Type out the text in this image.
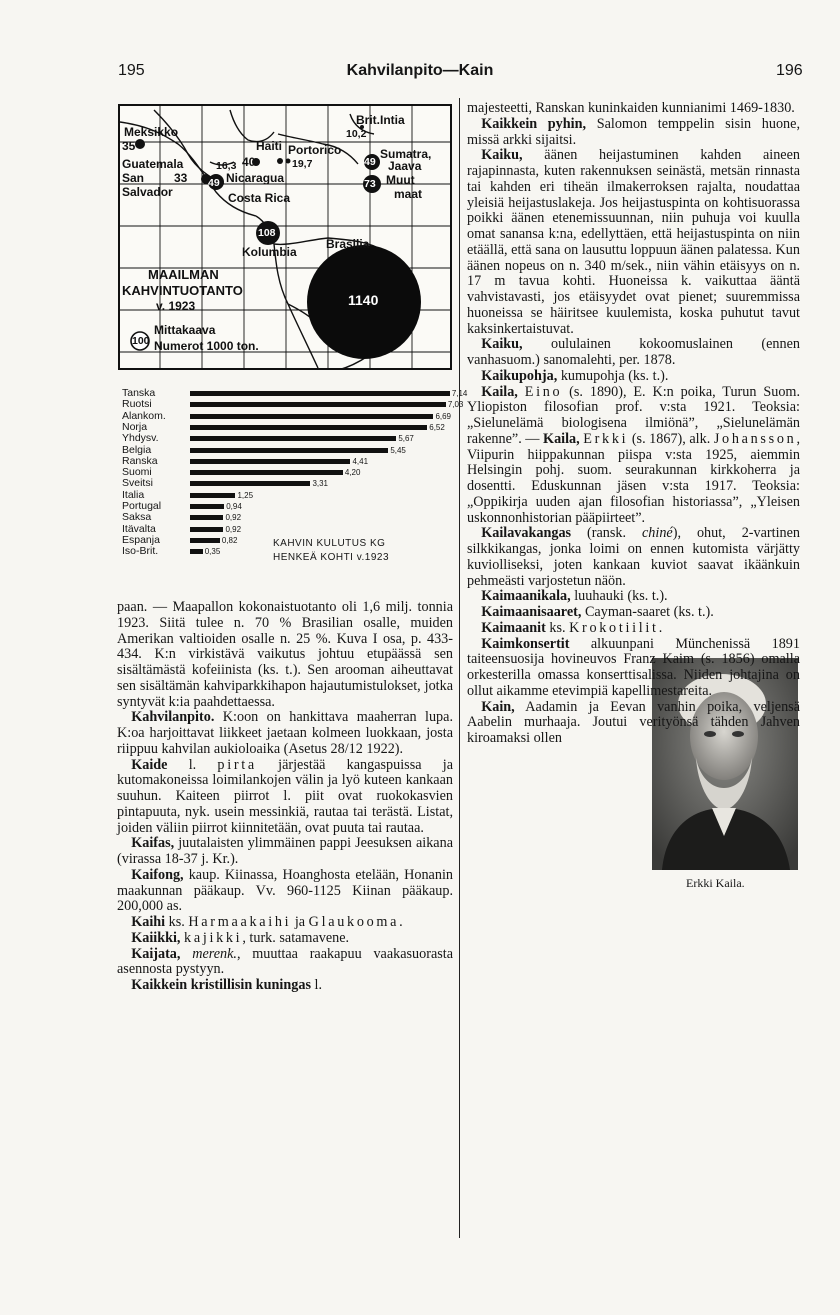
195	Kahvilanpito—Kain	196
Meksikko
35
Brit.Intia
10,2
Haiti Portorico
Guatemala	16,3 40	19,7
Sumatra,
Jaava
49
San
Salvador
33 49 Nicaragua	73 Muut
maat
Costa Rica
108
Kolumbia
Brasilia
1140
MAAILMAN
KAHVINTUOTANTO
v. 1923
100
Mittakaava
Numerot 1000 ton.
KAHVIN KULUTUS KG
HENKEÄ KOHTI v.1923
Tanska	7,14
Ruotsi	7,03
Alankom.	6,69
Norja	6,52
Yhdysv.	5,67
Belgia	5,45
Ranska	4,41
Suomi	4,20
Sveitsi	3,31
Italia	1,25
Portugal	0,94
Saksa	0,92
Itävalta	0,92
Espanja	0,82
Iso-Brit.	0,35

paan. — Maapallon kokonaistuotanto oli 1,6 milj. tonnia 1923. Siitä tulee n. 70 % Brasilian osalle, muiden Amerikan valtioiden osalle n. 25 %. Kuva I osa, p. 433-434. K:n virkistävä vaikutus johtuu etupäässä sen sisältämästä kofeiinista (ks. t.). Sen arooman aiheuttavat sen sisältämän kahviparkkihapon hajautumistulokset, jotka syntyvät k:ia paahdettaessa.

Kahvilanpito. K:oon on hankittava maaherran lupa. K:oa harjoittavat liikkeet jaetaan kolmeen luokkaan, josta riippuu kahvilan aukioloaika (Asetus 28/12 1922).

Kaide l. pirta järjestää kangaspuissa ja kutomakoneissa loimilankojen välin ja lyö kuteen kankaan suuhun. Kaiteen piirrot l. piit ovat ruokokasvien pintapuuta, nyk. usein messinkiä, rautaa tai terästä. Listat, joiden väliin piirrot kiinnitetään, ovat puuta tai rautaa.

Kaifas, juutalaisten ylimmäinen pappi Jeesuksen aikana (virassa 18-37 j. Kr.).

Kaifong, kaup. Kiinassa, Hoanghosta etelään, Honanin maakunnan pääkaup. Vv. 960-1125 Kiinan pääkaup. 200,000 as.

Kaihi ks. Harmaakaihi ja Glaukooma.

Kaiikki, kajikki, turk. satamavene.

Kaijata, merenk., muuttaa raakapuu vaakasuorasta asennosta pystyyn.

Kaikkein kristillisin kuningas l.

Erkki Kaila.

majesteetti, Ranskan kuninkaiden kunnianimi 1469-1830.

Kaikkein pyhin, Salomon temppelin sisin huone, missä arkki sijaitsi.

Kaiku, äänen heijastuminen kahden aineen rajapinnasta, kuten rakennuksen seinästä, metsän rinnasta tai kahden eri tiheän ilmakerroksen rajalta, noudattaa yleisiä heijastuslakeja. Jos heijastuspinta on kohtisuorassa poikki äänen etenemissuunnan, niin puhuja voi kuulla omat sanansa k:na, edellyttäen, että heijastuspinta on niin etäällä, että sana on lausuttu loppuun äänen palatessa. Kun äänen nopeus on n. 340 m/sek., niin vähin etäisyys on n. 17 m tavua kohti. Huoneissa k. vaikuttaa ääntä vahvistavasti, jos etäisyydet ovat pienet; suuremmissa huoneissa se häiritsee kuulemista, koska puhutut tavut kaksinkertaistuvat.

Kaiku, oululainen kokoomuslainen (ennen vanhasuom.) sanomalehti, per. 1878.

Kaikupohja, kumupohja (ks. t.).

Kaila, Eino (s. 1890), E. K:n poika, Turun Suom. Yliopiston filosofian prof. v:sta 1921. Teoksia: „Sielunelämä biologisena ilmiönä”, „Sielunelämän rakenne”. — Kaila, Erkki (s. 1867), alk. Johansson, Viipurin hiippakunnan piispa v:sta 1925, aiemmin Helsingin pohj. suom. seurakunnan kirkkoherra ja dosentti. Eduskunnan jäsen v:sta 1917. Teoksia: „Oppikirja uuden ajan filosofian historiassa”, „Yleisen uskonnonhistorian pääpiirteet”.

Kailavakangas (ransk. chiné), ohut, 2-vartinen silkkikangas, jonka loimi on ennen kutomista värjätty kuviolliseksi, joten kankaan kuviot saavat ikäänkuin pehmeästi varjostetun näön.

Kaimaanikala, luuhauki (ks. t.).

Kaimaanisaaret, Cayman-saaret (ks. t.).

Kaimaanit ks. Krokotiilit.

Kaimkonsertit alkuunpani Münchenissä 1891 taiteensuosija hovineuvos Franz Kaim (s. 1856) omalla orkesterilla omassa konserttisalissa. Niiden johtajina on ollut aikamme etevimpiä kapellimestareita.

Kain, Aadamin ja Eevan vanhin poika, veljensä Aabelin murhaaja. Joutui verityönsä tähden Jahven kiroamaksi ollen
